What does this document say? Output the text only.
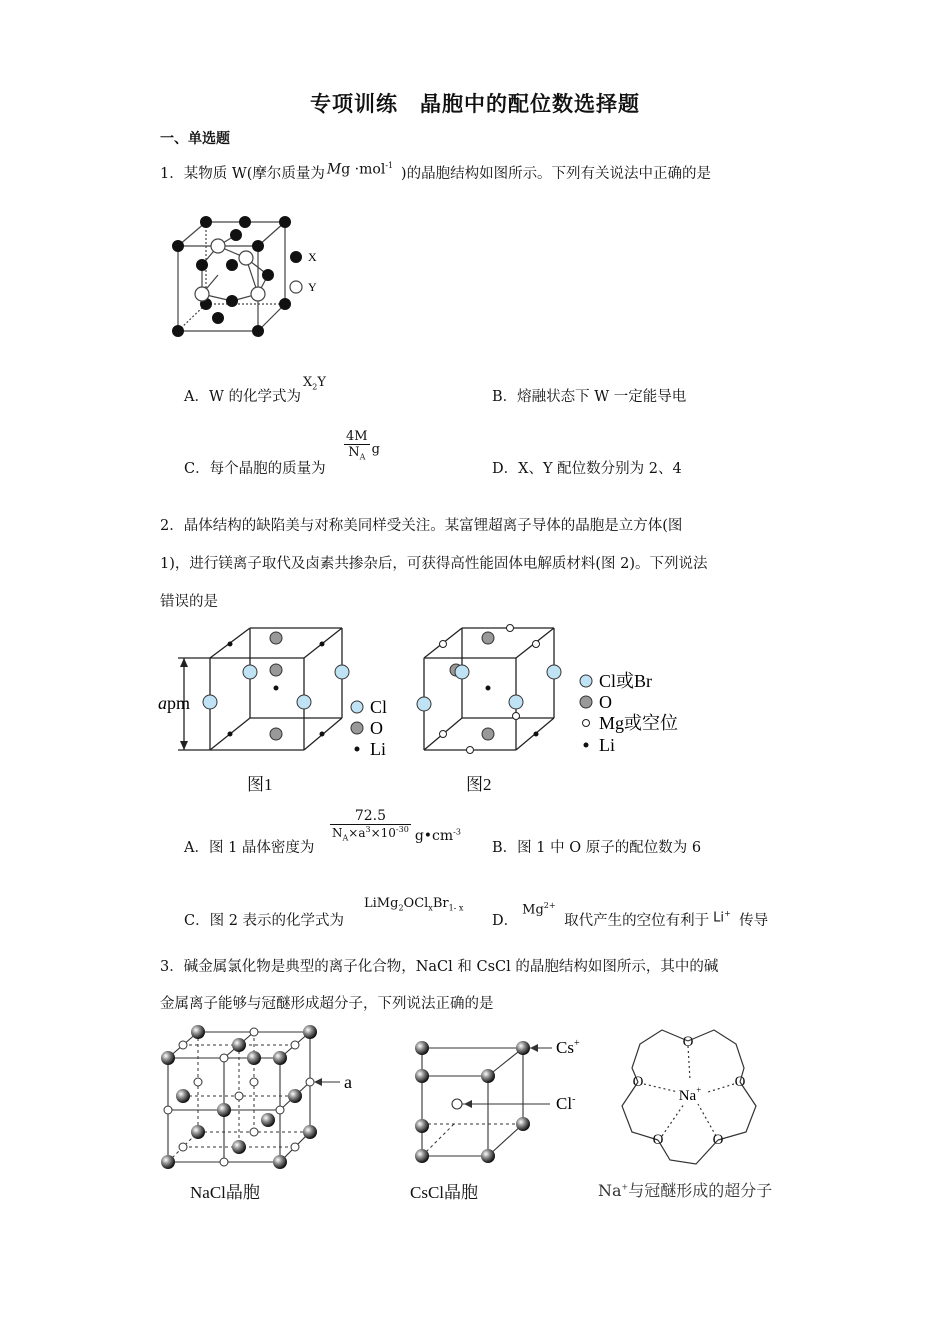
专项训练　晶胞中的配位数选择题
一、单选题
1．某物质 W(摩尔质量为 Mg ·mol$^{-1}$
)的晶胞结构如图所示。下列有关说法中正确的是
X
Y
A．W 的化学式为
$X_2Y$
B．熔融状态下 W 一定能导电
C．每个晶胞的质量为
$\frac{4M}{N_A}$ g
D．X、Y 配位数分别为 2、4
2．晶体结构的缺陷美与对称美同样受关注。某富锂超离子导体的晶胞是立方体(图
1)，进行镁离子取代及卤素共掺杂后，可获得高性能固体电解质材料(图 2)。下列说法
错误的是
apm	Cl
O
Li
图1
Cl或Br
O
Mg或空位
Li
图2
A．图 1 晶体密度为
$\frac{72.5}{N_A\times a^3\times 10^{-30}}$ $g•cm^{-3}$
B．图 1 中 O 原子的配位数为 6
C．图 2 表示的化学式为
$LiMg_2OCl_xBr_{1- x}$
D．
$Mg^{2+}$
取代产生的空位有利于 Li+ 传导
3．碱金属氯化物是典型的离子化合物，NaCl 和 CsCl 的晶胞结构如图所示，其中的碱
金属离子能够与冠醚形成超分子，下列说法正确的是
a
NaCl晶胞
Cs+
Cl-
CsCl晶胞
O
O	O
O	O
Na+
Na+与冠醚形成的超分子
